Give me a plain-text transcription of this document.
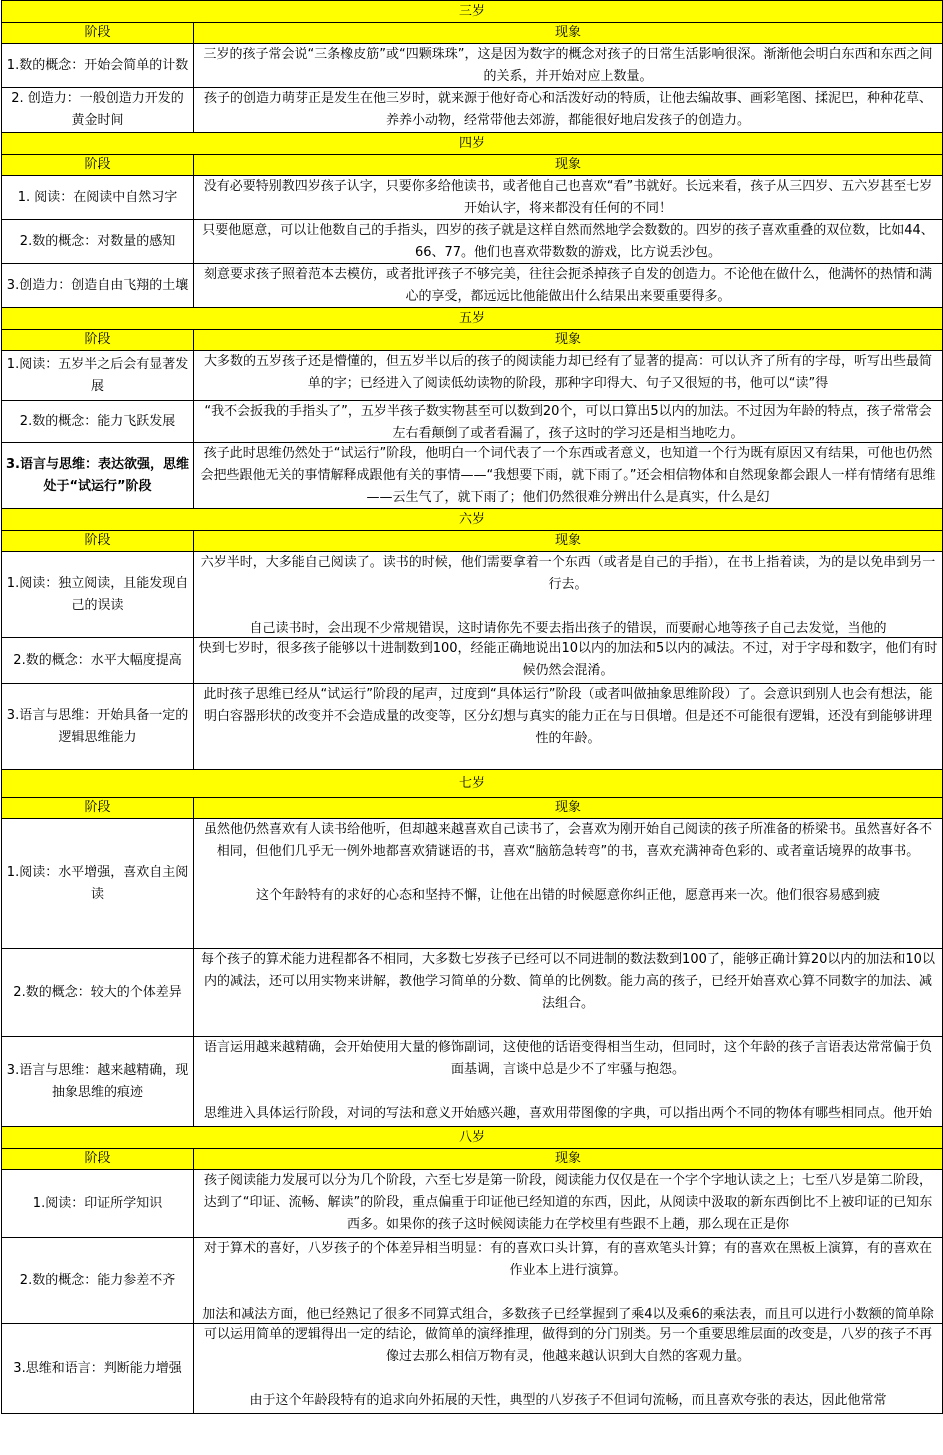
三岁	
阶段	现象
1.数的概念：开始会简单的计数	三岁的孩子常会说“三条橡皮筋”或“四颗珠珠”，这是因为数字的概念对孩子的日常生活影响很深。渐渐他会明白东西和东西之间的关系，并开始对应上数量。

2. 创造力：一般创造力开发的黄金时间	孩子的创造力萌芽正是发生在他三岁时，就来源于他好奇心和活泼好动的特质，让他去编故事、画彩笔图、揉泥巴，种种花草、养养小动物，经常带他去郊游，都能很好地启发孩子的创造力。

四岁	
阶段	现象
1. 阅读：在阅读中自然习字	没有必要特别教四岁孩子认字，只要你多给他读书，或者他自己也喜欢“看”书就好。长远来看，孩子从三四岁、五六岁甚至七岁开始认字，将来都没有任何的不同！

2.数的概念：对数量的感知	只要他愿意，可以让他数自己的手指头，四岁的孩子就是这样自然而然地学会数数的。四岁的孩子喜欢重叠的双位数，比如44、66、77。他们也喜欢带数数的游戏，比方说丢沙包。

3.创造力：创造自由飞翔的土壤	刻意要求孩子照着范本去模仿，或者批评孩子不够完美，往往会扼杀掉孩子自发的创造力。不论他在做什么，他满怀的热情和满心的享受，都远远比他能做出什么结果出来要重要得多。

五岁	
阶段	现象
1.阅读：五岁半之后会有显著发展	大多数的五岁孩子还是懵懂的，但五岁半以后的孩子的阅读能力却已经有了显著的提高：可以认齐了所有的字母，听写出些最简单的字；已经进入了阅读低幼读物的阶段，那种字印得大、句子又很短的书，他可以“读”得

2.数的概念：能力飞跃发展	“我不会扳我的手指头了”，五岁半孩子数实物甚至可以数到20个，可以口算出5以内的加法。不过因为年龄的特点，孩子常常会左右看颠倒了或者看漏了，孩子这时的学习还是相当地吃力。

3.语言与思维：表达欲强，思维处于“试运行”阶段	孩子此时思维仍然处于“试运行”阶段，他明白一个词代表了一个东西或者意义，也知道一个行为既有原因又有结果，可他也仍然会把些跟他无关的事情解释成跟他有关的事情——“我想要下雨，就下雨了。”还会相信物体和自然现象都会跟人一样有情绪有思维——云生气了，就下雨了；他们仍然很难分辨出什么是真实，什么是幻

六岁	
阶段	现象
1.阅读：独立阅读，且能发现自己的误读	六岁半时，大多能自己阅读了。读书的时候，他们需要拿着一个东西（或者是自己的手指），在书上指着读，为的是以免串到另一行去。
自己读书时，会出现不少常规错误，这时请你先不要去指出孩子的错误，而要耐心地等孩子自己去发觉，当他的

2.数的概念：水平大幅度提高	快到七岁时，很多孩子能够以十进制数到100，经能正确地说出10以内的加法和5以内的减法。不过，对于字母和数字，他们有时候仍然会混淆。

3.语言与思维：开始具备一定的逻辑思维能力	此时孩子思维已经从“试运行”阶段的尾声，过度到“具体运行”阶段（或者叫做抽象思维阶段）了。会意识到别人也会有想法，能明白容器形状的改变并不会造成量的改变等，区分幻想与真实的能力正在与日俱增。但是还不可能很有逻辑，还没有到能够讲理性的年龄。

七岁	
阶段	现象
1.阅读：水平增强，喜欢自主阅读	虽然他仍然喜欢有人读书给他听，但却越来越喜欢自己读书了，会喜欢为刚开始自己阅读的孩子所准备的桥梁书。虽然喜好各不相同，但他们几乎无一例外地都喜欢猜谜语的书，喜欢“脑筋急转弯”的书，喜欢充满神奇色彩的、或者童话境界的故事书。
这个年龄特有的求好的心态和坚持不懈，让他在出错的时候愿意你纠正他，愿意再来一次。他们很容易感到疲

2.数的概念：较大的个体差异	每个孩子的算术能力进程都各不相同，大多数七岁孩子已经可以不同进制的数法数到100了，能够正确计算20以内的加法和10以内的减法，还可以用实物来讲解，教他学习简单的分数、简单的比例数。能力高的孩子，已经开始喜欢心算不同数字的加法、减法组合。

3.语言与思维：越来越精确，现抽象思维的痕迹	语言运用越来越精确，会开始使用大量的修饰副词，这使他的话语变得相当生动，但同时，这个年龄的孩子言语表达常常偏于负面基调，言谈中总是少不了牢骚与抱怨。
思维进入具体运行阶段，对词的写法和意义开始感兴趣，喜欢用带图像的字典，可以指出两个不同的物体有哪些相同点。他开始

八岁	
阶段	现象
1.阅读：印证所学知识	孩子阅读能力发展可以分为几个阶段，六至七岁是第一阶段，阅读能力仅仅是在一个字个字地认读之上；七至八岁是第二阶段，达到了“印证、流畅、解读”的阶段，重点偏重于印证他已经知道的东西，因此，从阅读中汲取的新东西倒比不上被印证的已知东西多。如果你的孩子这时候阅读能力在学校里有些跟不上趟，那么现在正是你

2.数的概念：能力参差不齐	对于算术的喜好，八岁孩子的个体差异相当明显：有的喜欢口头计算，有的喜欢笔头计算；有的喜欢在黑板上演算，有的喜欢在作业本上进行演算。
加法和减法方面，他已经熟记了很多不同算式组合，多数孩子已经掌握到了乘4以及乘6的乘法表，而且可以进行小数额的简单除

3.思维和语言：判断能力增强	可以运用简单的逻辑得出一定的结论，做简单的演绎推理，做得到的分门别类。另一个重要思维层面的改变是，八岁的孩子不再像过去那么相信万物有灵，他越来越认识到大自然的客观力量。
由于这个年龄段特有的追求向外拓展的天性，典型的八岁孩子不但词句流畅，而且喜欢夸张的表达，因此他常常
